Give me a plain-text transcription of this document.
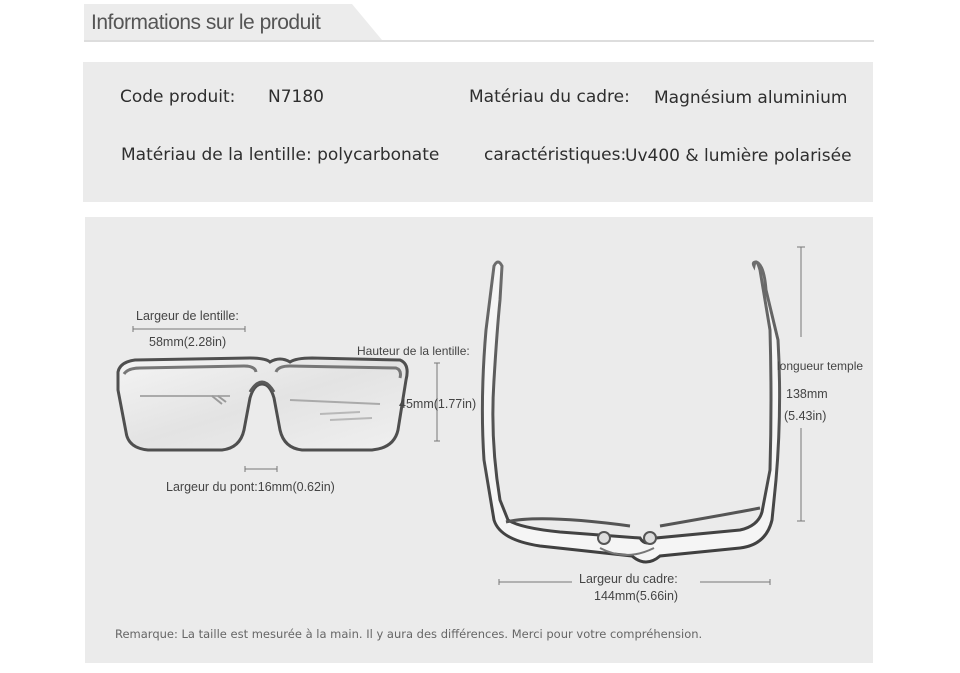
Informations sur le produit
Code produit: N7180	Matériau du cadre: Magnésium aluminium
Matériau de la lentille: polycarbonate	caractéristiques:
Uv400 & lumière polarisée
Largeur de lentille:
58mm(2.28in)
Hauteur de la lentille:
45mm(1.77in)
Largeur du pont:16mm(0.62in)
longueur temple
138mm
(5.43in)
Largeur du cadre:
144mm(5.66in)
Remarque: La taille est mesurée à la main. Il y aura des différences. Merci pour votre compréhension.
